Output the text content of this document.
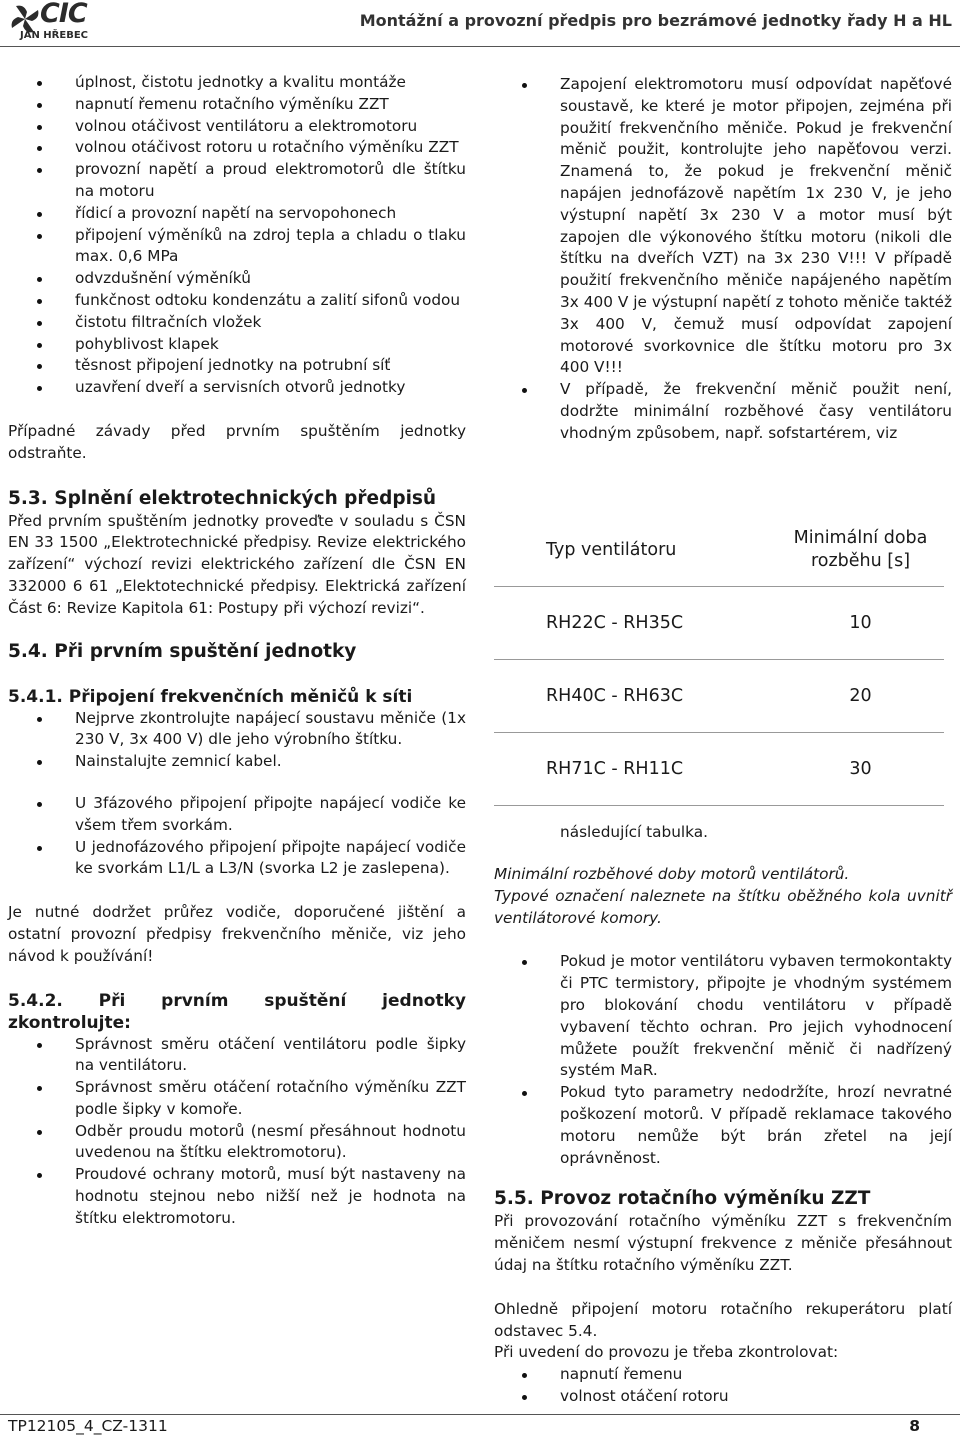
CIC
JAN HŘEBEC
Montážní a provozní předpis pro bezrámové jednotky řady H a HL
úplnost, čistotu jednotky a kvalitu montáže
napnutí řemenu rotačního výměníku ZZT
volnou otáčivost ventilátoru a elektromotoru
volnou otáčivost rotoru u rotačního výměníku ZZT
provozní napětí a proud elektromotorů dle štítku na motoru
řídicí a provozní napětí na servopohonech
připojení výměníků na zdroj tepla a chladu o tlaku max. 0,6 MPa
odvzdušnění výměníků
funkčnost odtoku kondenzátu a zalití sifonů vodou
čistotu filtračních vložek
pohyblivost klapek
těsnost připojení jednotky na potrubní síť
uzavření dveří a servisních otvorů jednotky

Případné závady před prvním spuštěním jednotky odstraňte.

5.3. Splnění elektrotechnických předpisů

Před prvním spuštěním jednotky proveďte v souladu s ČSN EN 33 1500 „Elektrotechnické předpisy. Revize elektrického zařízení“ výchozí revizi elektrického zařízení dle ČSN EN 332000 6 61 „Elektotechnické předpisy. Elektrická zařízení Část 6: Revize Kapitola 61: Postupy při výchozí revizi“.

5.4. Při prvním spuštění jednotky
5.4.1. Připojení frekvenčních měničů k síti
Nejprve zkontrolujte napájecí soustavu měniče (1x 230 V, 3x 400 V) dle jeho výrobního štítku.
Nainstalujte zemnicí kabel.
U 3fázového připojení připojte napájecí vodiče ke všem třem svorkám.
U jednofázového připojení připojte napájecí vodiče ke svorkám L1/L a L3/N (svorka L2 je zaslepena).

Je nutné dodržet průřez vodiče, doporučené jištění a ostatní provozní předpisy frekvenčního měniče, viz jeho návod k používání!

5.4.2. Při prvním spuštění jednotky zkontrolujte:
Správnost směru otáčení ventilátoru podle šipky na ventilátoru.
Správnost směru otáčení rotačního výměníku ZZT podle šipky v komoře.
Odběr proudu motorů (nesmí přesáhnout hodnotu uvedenou na štítku elektromotoru).
Proudové ochrany motorů, musí být nastaveny na hodnotu stejnou nebo nižší než je hodnota na štítku elektromotoru.
Zapojení elektromotoru musí odpovídat napěťové soustavě, ke které je motor připojen, zejména při použití frekvenčního měniče. Pokud je frekvenční měnič použit, kontrolujte jeho napěťovou verzi. Znamená to, že pokud je frekvenční měnič napájen jednofázově napětím 1x 230 V, je jeho výstupní napětí 3x 230 V a motor musí být zapojen dle výkonového štítku motoru (nikoli dle štítku na dveřích VZT) na 3x 230 V!!! V případě použití frekvenčního měniče napájeného napětím 3x 400 V je výstupní napětí z tohoto měniče taktéž 3x 400 V, čemuž musí odpovídat zapojení motorové svorkovnice dle štítku motoru pro 3x 400 V!!!
V případě, že frekvenční měnič použit není, dodržte minimální rozběhové časy ventilátoru vhodným způsobem, např. sofstartérem, viz
Typ ventilátoru	Minimální doba rozběhu [s]
RH22C - RH35C	10
RH40C - RH63C	20
RH71C - RH11C	30

následující tabulka.

Minimální rozběhové doby motorů ventilátorů.

Typové označení naleznete na štítku oběžného kola uvnitř ventilátorové komory.

Pokud je motor ventilátoru vybaven termokontakty či PTC termistory, připojte je vhodným systémem pro blokování chodu ventilátoru v případě vybavení těchto ochran. Pro jejich vyhodnocení můžete použít frekvenční měnič či nadřízený systém MaR.
Pokud tyto parametry nedodržíte, hrozí nevratné poškození motorů. V případě reklamace takového motoru nemůže být brán zřetel na její oprávněnost.
5.5. Provoz rotačního výměníku ZZT

Při provozování rotačního výměníku ZZT s frekvenčním měničem nesmí výstupní frekvence z měniče přesáhnout údaj na štítku rotačního výměníku ZZT.

Ohledně připojení motoru rotačního rekuperátoru platí odstavec 5.4.

Při uvedení do provozu je třeba zkontrolovat:

napnutí řemenu
volnost otáčení rotoru
TP12105_4_CZ-1311	8
